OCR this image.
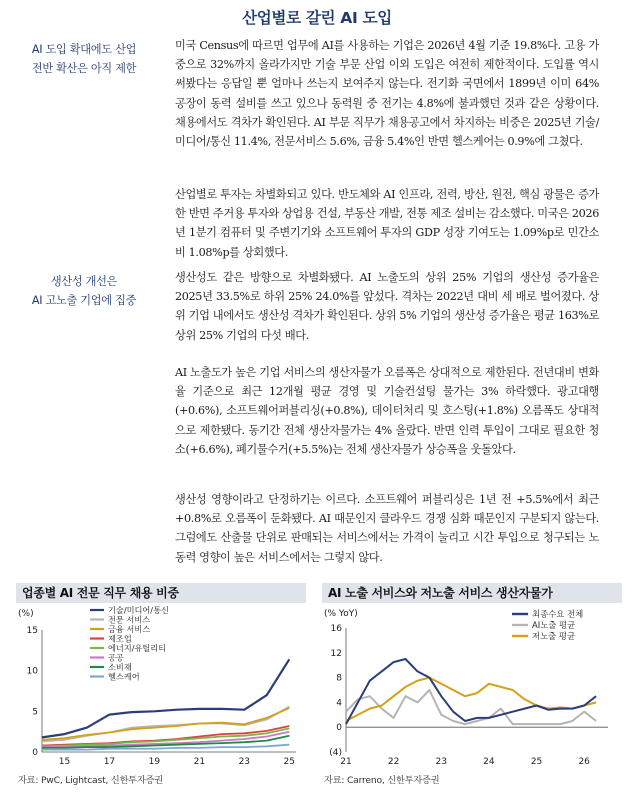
산업별로 갈린 AI 도입
AI 도입 확대에도 산업
전반 확산은 아직 제한
생산성 개선은
AI 고노출 기업에 집중

미국 Census에 따르면 업무에 AI를 사용하는 기업은 2026년 4월 기준 19.8%다. 고용 가중으로 32%까지 올라가지만 기술 부문 산업 이외 도입은 여전히 제한적이다. 도입률 역시 써봤다는 응답일 뿐 얼마나 쓰는지 보여주지 않는다. 전기화 국면에서 1899년 이미 64% 공장이 동력 설비를 쓰고 있으나 동력원 중 전기는 4.8%에 불과했던 것과 같은 상황이다. 채용에서도 격차가 확인된다. AI 부문 직무가 채용공고에서 차지하는 비중은 2025년 기술/미디어/통신 11.4%, 전문서비스 5.6%, 금융 5.4%인 반면 헬스케어는 0.9%에 그쳤다.

산업별로 투자는 차별화되고 있다. 반도체와 AI 인프라, 전력, 방산, 원전, 핵심 광물은 증가한 반면 주거용 투자와 상업용 건설, 부동산 개발, 전통 제조 설비는 감소했다. 미국은 2026년 1분기 컴퓨터 및 주변기기와 소프트웨어 투자의 GDP 성장 기여도는 1.09%p로 민간소비 1.08%p를 상회했다.

생산성도 같은 방향으로 차별화됐다. AI 노출도의 상위 25% 기업의 생산성 증가율은 2025년 33.5%로 하위 25% 24.0%를 앞섰다. 격차는 2022년 대비 세 배로 벌어졌다. 상위 기업 내에서도 생산성 격차가 확인된다. 상위 5% 기업의 생산성 증가율은 평균 163%로 상위 25% 기업의 다섯 배다.

AI 노출도가 높은 기업 서비스의 생산자물가 오름폭은 상대적으로 제한된다. 전년대비 변화율 기준으로 최근 12개월 평균 경영 및 기술컨설팅 물가는 3% 하락했다. 광고대행(+0.6%), 소프트웨어퍼블리싱(+0.8%), 데이터처리 및 호스팅(+1.8%) 오름폭도 상대적으로 제한됐다. 동기간 전체 생산자물가는 4% 올랐다. 반면 인력 투입이 그대로 필요한 청소(+6.6%), 폐기물수거(+5.5%)는 전체 생산자물가 상승폭을 웃돌았다.

생산성 영향이라고 단정하기는 이르다. 소프트웨어 퍼블리싱은 1년 전 +5.5%에서 최근 +0.8%로 오름폭이 둔화됐다. AI 때문인지 클라우드 경쟁 심화 때문인지 구분되지 않는다. 그럼에도 산출물 단위로 판매되는 서비스에서는 가격이 눌리고 시간 투입으로 청구되는 노동력 영향이 높은 서비스에서는 그렇지 않다.

업종별 AI 전문 직무 채용 비중	AI 노출 서비스와 저노출 서비스 생산자물가
(%)
0
5
10
15
15	17	19	21	23	25
기술/미디어/통신
전문 서비스
금융 서비스
제조업
에너지/유틸리티
공공
소비재
헬스케어
(% YoY)
16
12
8
4
0
(4)
21	22	23	24	25	26
최종수요 전체
AI노출 평균
저노출 평균
자료: PwC, Lightcast, 신한투자증권	자료: Carreno, 신한투자증권
